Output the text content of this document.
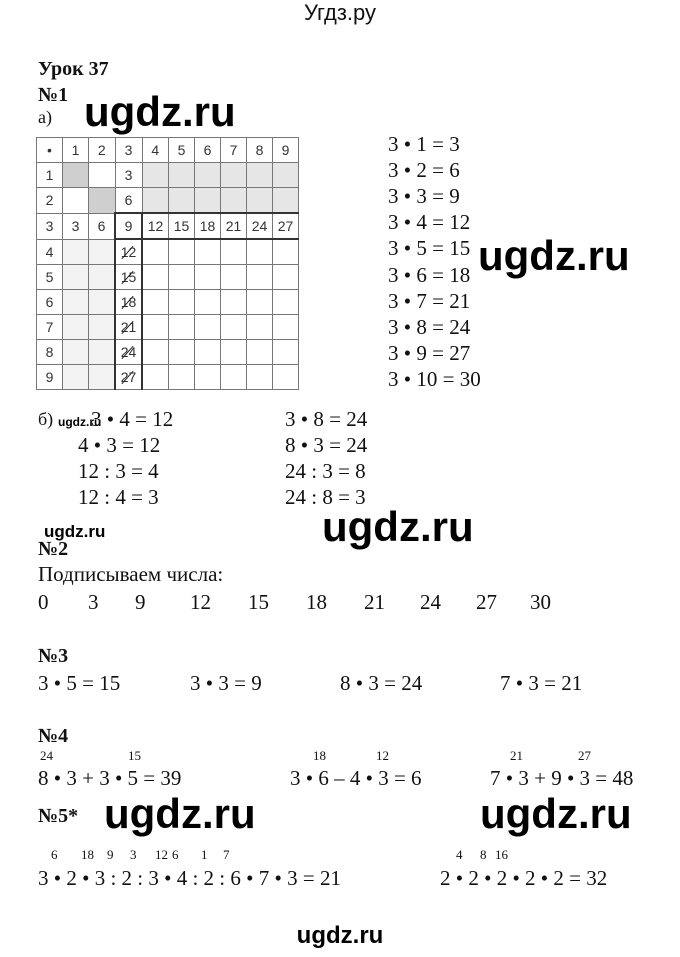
Угдз.ру
Урок 37
№1
а) ugdz.ru
•	1	2	3	4	5	6	7	8	9
1			3						
2			6						
3	3	6	9	12	15	18	21	24	27
4			12						
5			15						
6			18						
7			21						
8			24						
9			27						
3 • 1 = 3
3 • 2 = 6
3 • 3 = 9
3 • 4 = 12
3 • 5 = 15
3 • 6 = 18
3 • 7 = 21
3 • 8 = 24
3 • 9 = 27
3 • 10 = 30
ugdz.ru
б) ugdz.ru
3 • 4 = 12
4 • 3 = 12
12 : 3 = 4
12 : 4 = 3
3 • 8 = 24
8 • 3 = 24
24 : 3 = 8
24 : 8 = 3
ugdz.ru	ugdz.ru
№2
Подписываем числа:
0 3 9 12 15 18 21 24 27 30
№3
3 • 5 = 15	3 • 3 = 9	8 • 3 = 24	7 • 3 = 21
№4
8 • 3 + 3 • 5 = 39
24	15
3 • 6 – 4 • 3 = 6
18	12
7 • 3 + 9 • 3 = 48
21	27
ugdz.ru	ugdz.ru
№5*
3 • 2 • 3 : 2 : 3 • 4 : 2 : 6 • 7 • 3 = 21
6 18 9 3 12 6 1 7
2 • 2 • 2 • 2 • 2 = 32
4 8 16
ugdz.ru
